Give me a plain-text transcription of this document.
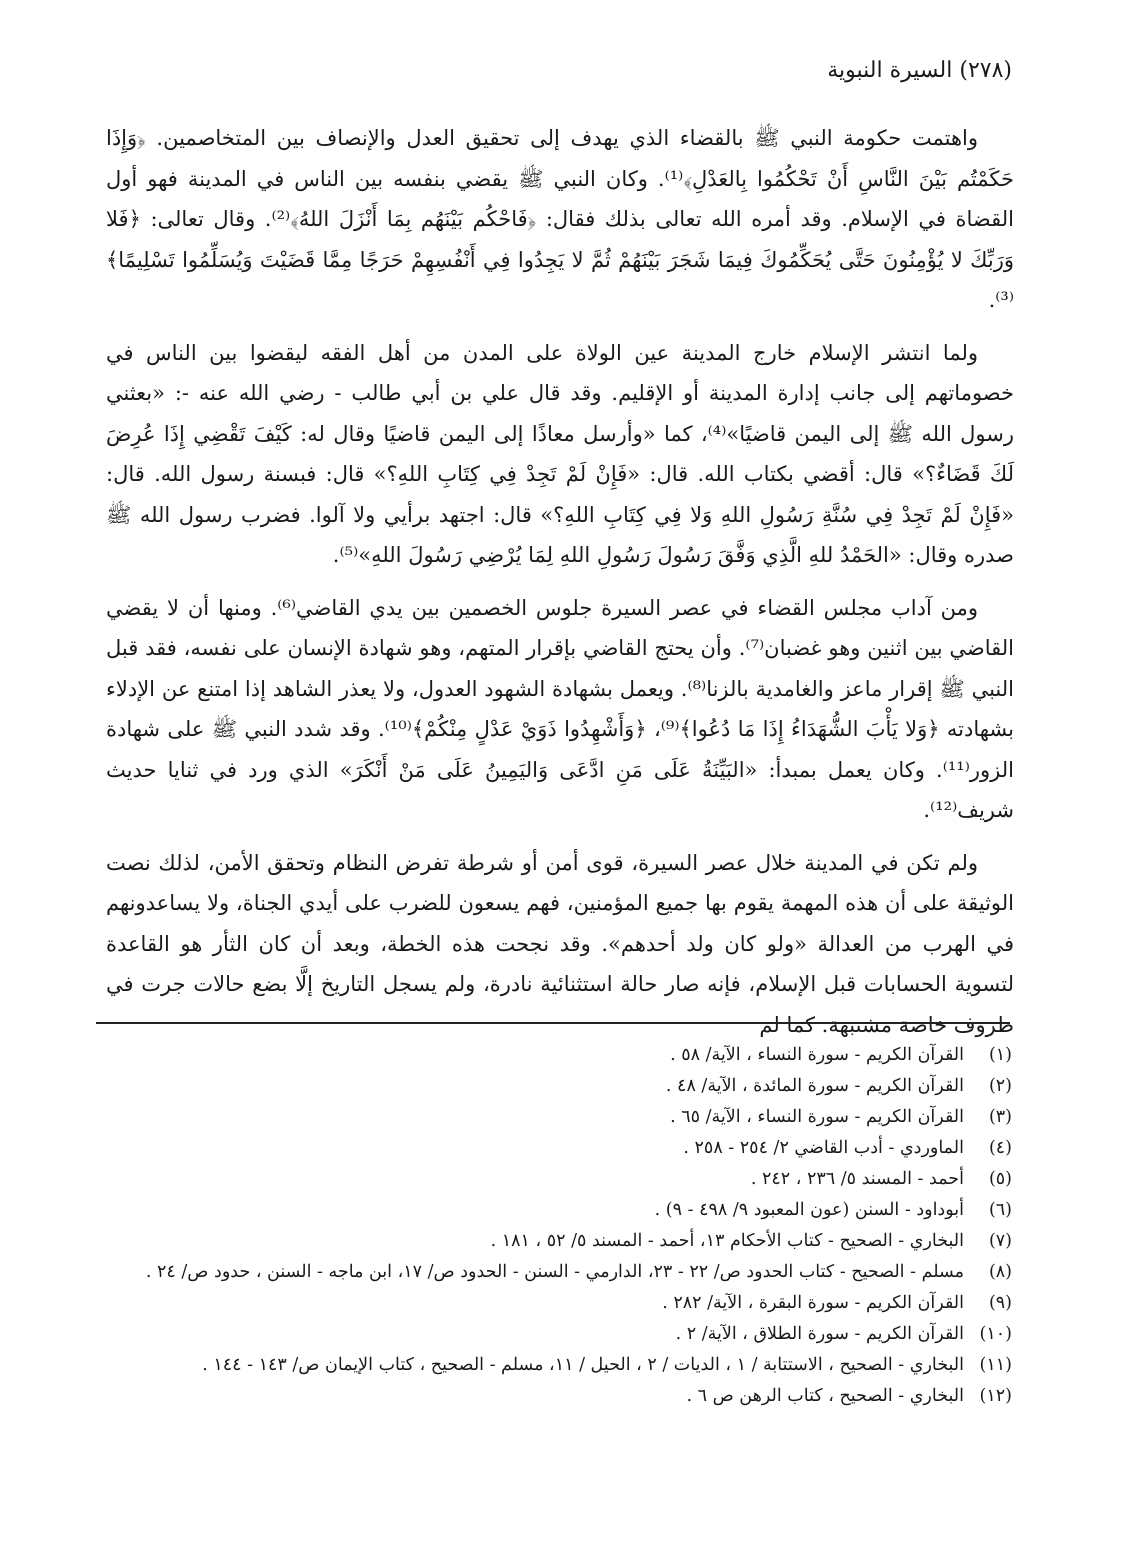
(٢٧٨) السيرة النبوية

واهتمت حكومة النبي ﷺ بالقضاء الذي يهدف إلى تحقيق العدل والإنصاف بين المتخاصمين. ﴿وَإِذَا حَكَمْتُم بَيْنَ النَّاسِ أَنْ تَحْكُمُوا بِالعَدْلِ﴾⁽¹⁾. وكان النبي ﷺ يقضي بنفسه بين الناس في المدينة فهو أول القضاة في الإسلام. وقد أمره الله تعالى بذلك فقال: ﴿فَاحْكُم بَيْنَهُم بِمَا أَنْزَلَ اللهُ﴾⁽²⁾. وقال تعالى: ﴿فَلا وَرَبِّكَ لا يُؤْمِنُونَ حَتَّى يُحَكِّمُوكَ فِيمَا شَجَرَ بَيْنَهُمْ ثُمَّ لا يَجِدُوا فِي أَنْفُسِهِمْ حَرَجًا مِمَّا قَضَيْتَ وَيُسَلِّمُوا تَسْلِيمًا﴾⁽³⁾.

ولما انتشر الإسلام خارج المدينة عين الولاة على المدن من أهل الفقه ليقضوا بين الناس في خصوماتهم إلى جانب إدارة المدينة أو الإقليم. وقد قال علي بن أبي طالب - رضي الله عنه -: «بعثني رسول الله ﷺ إلى اليمن قاضيًا»⁽⁴⁾، كما «وأرسل معاذًا إلى اليمن قاضيًا وقال له: كَيْفَ تَقْضِي إِذَا عُرِضَ لَكَ قَضَاءٌ؟» قال: أقضي بكتاب الله. قال: «فَإِنْ لَمْ تَجِدْ فِي كِتَابِ اللهِ؟» قال: فبسنة رسول الله. قال: «فَإِنْ لَمْ تَجِدْ فِي سُنَّةِ رَسُولِ اللهِ وَلا فِي كِتَابِ اللهِ؟» قال: اجتهد برأيي ولا آلوا. فضرب رسول الله ﷺ صدره وقال: «الحَمْدُ للهِ الَّذِي وَفَّقَ رَسُولَ رَسُولِ اللهِ لِمَا يُرْضِي رَسُولَ اللهِ»⁽⁵⁾.

ومن آداب مجلس القضاء في عصر السيرة جلوس الخصمين بين يدي القاضي⁽⁶⁾. ومنها أن لا يقضي القاضي بين اثنين وهو غضبان⁽⁷⁾. وأن يحتج القاضي بإقرار المتهم، وهو شهادة الإنسان على نفسه، فقد قبل النبي ﷺ إقرار ماعز والغامدية بالزنا⁽⁸⁾. ويعمل بشهادة الشهود العدول، ولا يعذر الشاهد إذا امتنع عن الإدلاء بشهادته ﴿وَلا يَأْبَ الشُّهَدَاءُ إِذَا مَا دُعُوا﴾⁽⁹⁾، ﴿وَأَشْهِدُوا ذَوَيْ عَدْلٍ مِنْكُمْ﴾⁽¹⁰⁾. وقد شدد النبي ﷺ على شهادة الزور⁽¹¹⁾. وكان يعمل بمبدأ: «البَيِّنَةُ عَلَى مَنِ ادَّعَى وَاليَمِينُ عَلَى مَنْ أَنْكَرَ» الذي ورد في ثنايا حديث شريف⁽¹²⁾.

ولم تكن في المدينة خلال عصر السيرة، قوى أمن أو شرطة تفرض النظام وتحقق الأمن، لذلك نصت الوثيقة على أن هذه المهمة يقوم بها جميع المؤمنين، فهم يسعون للضرب على أيدي الجناة، ولا يساعدونهم في الهرب من العدالة «ولو كان ولد أحدهم». وقد نجحت هذه الخطة، وبعد أن كان الثأر هو القاعدة لتسوية الحسابات قبل الإسلام، فإنه صار حالة استثنائية نادرة، ولم يسجل التاريخ إلَّا بضع حالات جرت في ظروف خاصة مشتبهة. كما لم

(١)
القرآن الكريم - سورة النساء ، الآية/ ٥٨ .
(٢)
القرآن الكريم - سورة المائدة ، الآية/ ٤٨ .
(٣)
القرآن الكريم - سورة النساء ، الآية/ ٦٥ .
(٤)
الماوردي - أدب القاضي ٢/ ٢٥٤ - ٢٥٨ .
(٥)
أحمد - المسند ٥/ ٢٣٦ ، ٢٤٢ .
(٦)
أبوداود - السنن (عون المعبود ٩/ ٤٩٨ - ٩) .
(٧)
البخاري - الصحيح - كتاب الأحكام ١٣، أحمد - المسند ٥/ ٥٢ ، ١٨١ .
(٨)
مسلم - الصحيح - كتاب الحدود ص/ ٢٢ - ٢٣، الدارمي - السنن - الحدود ص/ ١٧، ابن ماجه - السنن ، حدود ص/ ٢٤ .
(٩)
القرآن الكريم - سورة البقرة ، الآية/ ٢٨٢ .
(١٠)
القرآن الكريم - سورة الطلاق ، الآية/ ٢ .
(١١)
البخاري - الصحيح ، الاستتابة / ١ ، الديات / ٢ ، الحيل / ١١، مسلم - الصحيح ، كتاب الإيمان ص/ ١٤٣ - ١٤٤ .
(١٢)
البخاري - الصحيح ، كتاب الرهن ص ٦ .
